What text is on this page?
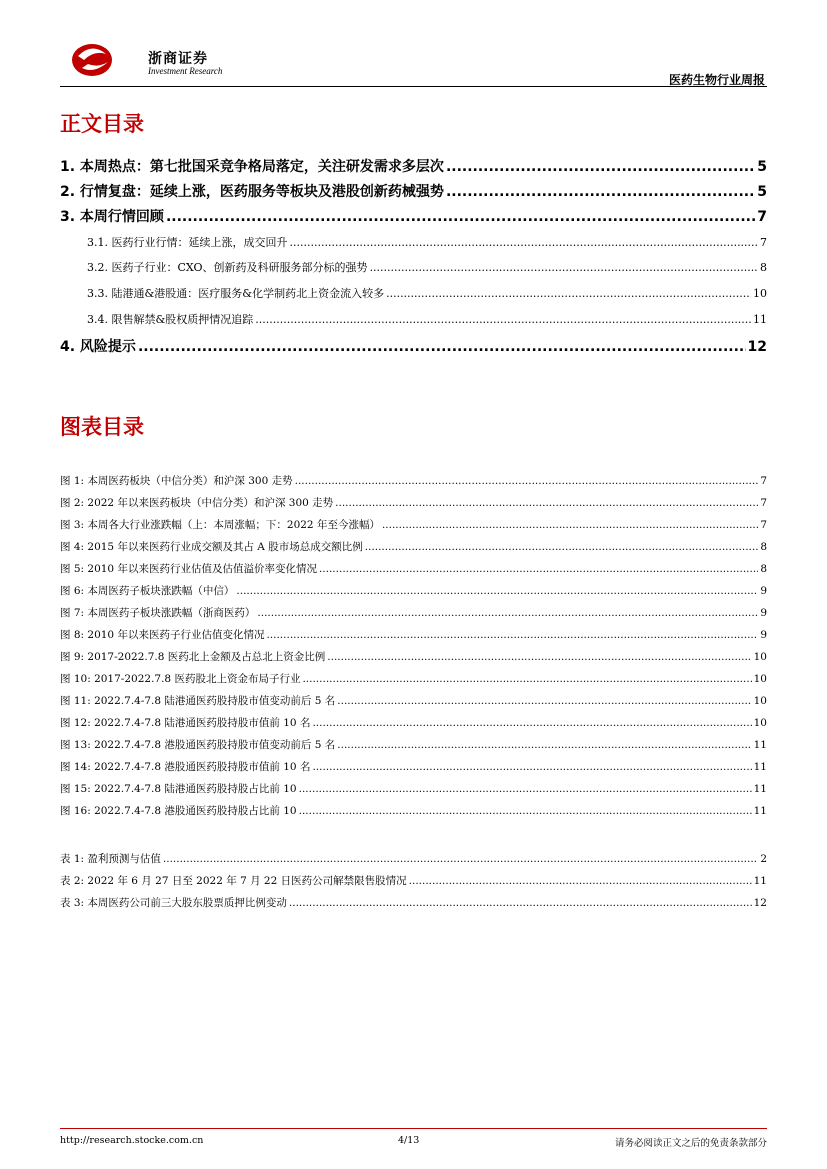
浙商证券
Investment Research
医药生物行业周报
正文目录
1. 本周热点：第七批国采竞争格局落定，关注研发需求多层次 .....	5
2. 行情复盘：延续上涨，医药服务等板块及港股创新药械强势 .....	5
3. 本周行情回顾 .....	7
3.1. 医药行业行情：延续上涨，成交回升 .....	7
3.2. 医药子行业：CXO、创新药及科研服务部分标的强势 .....	8
3.3. 陆港通&港股通：医疗服务&化学制药北上资金流入较多 .....	10
3.4. 限售解禁&股权质押情况追踪 .....	11
4. 风险提示 .....	12
图表目录
图 1: 本周医药板块（中信分类）和沪深 300 走势 .....	7
图 2: 2022 年以来医药板块（中信分类）和沪深 300 走势 .....	7
图 3: 本周各大行业涨跌幅（上：本周涨幅；下：2022 年至今涨幅） .....	7
图 4: 2015 年以来医药行业成交额及其占 A 股市场总成交额比例 .....	8
图 5: 2010 年以来医药行业估值及估值溢价率变化情况 .....	8
图 6: 本周医药子板块涨跌幅（中信） .....	9
图 7: 本周医药子板块涨跌幅（浙商医药） .....	9
图 8: 2010 年以来医药子行业估值变化情况 .....	9
图 9: 2017-2022.7.8 医药北上金额及占总北上资金比例 .....	10
图 10: 2017-2022.7.8 医药股北上资金布局子行业 .....	10
图 11: 2022.7.4-7.8 陆港通医药股持股市值变动前后 5 名 .....	10
图 12: 2022.7.4-7.8 陆港通医药股持股市值前 10 名 .....	10
图 13: 2022.7.4-7.8 港股通医药股持股市值变动前后 5 名 .....	11
图 14: 2022.7.4-7.8 港股通医药股持股市值前 10 名 .....	11
图 15: 2022.7.4-7.8 陆港通医药股持股占比前 10 .....	11
图 16: 2022.7.4-7.8 港股通医药股持股占比前 10 .....	11
表 1: 盈利预测与估值 .....	2
表 2: 2022 年 6 月 27 日至 2022 年 7 月 22 日医药公司解禁限售股情况 .....	11
表 3: 本周医药公司前三大股东股票质押比例变动 .....	12
http://research.stocke.com.cn	4/13	请务必阅读正文之后的免责条款部分
